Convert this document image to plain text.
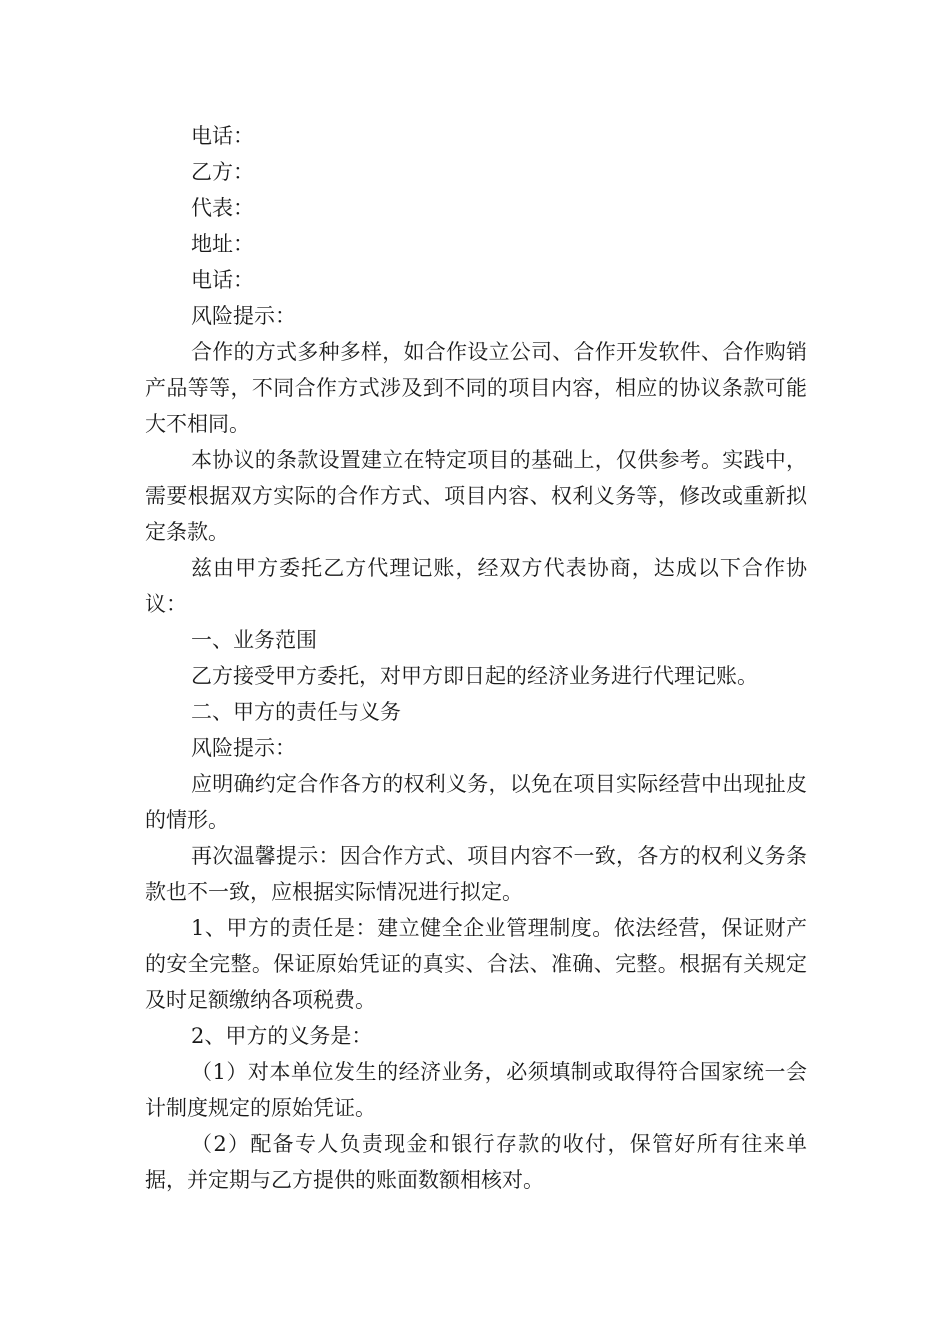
电话：

乙方：

代表：

地址：

电话：

风险提示：

合作的方式多种多样，如合作设立公司、合作开发软件、合作购销产品等等，不同合作方式涉及到不同的项目内容，相应的协议条款可能大不相同。

本协议的条款设置建立在特定项目的基础上，仅供参考。实践中，需要根据双方实际的合作方式、项目内容、权利义务等，修改或重新拟定条款。

兹由甲方委托乙方代理记账，经双方代表协商，达成以下合作协议：

一、业务范围

乙方接受甲方委托，对甲方即日起的经济业务进行代理记账。

二、甲方的责任与义务

风险提示：

应明确约定合作各方的权利义务，以免在项目实际经营中出现扯皮的情形。

再次温馨提示：因合作方式、项目内容不一致，各方的权利义务条款也不一致，应根据实际情况进行拟定。

1、甲方的责任是：建立健全企业管理制度。依法经营，保证财产的安全完整。保证原始凭证的真实、合法、准确、完整。根据有关规定及时足额缴纳各项税费。

2、甲方的义务是：

（1）对本单位发生的经济业务，必须填制或取得符合国家统一会计制度规定的原始凭证。

（2）配备专人负责现金和银行存款的收付，保管好所有往来单据，并定期与乙方提供的账面数额相核对。
